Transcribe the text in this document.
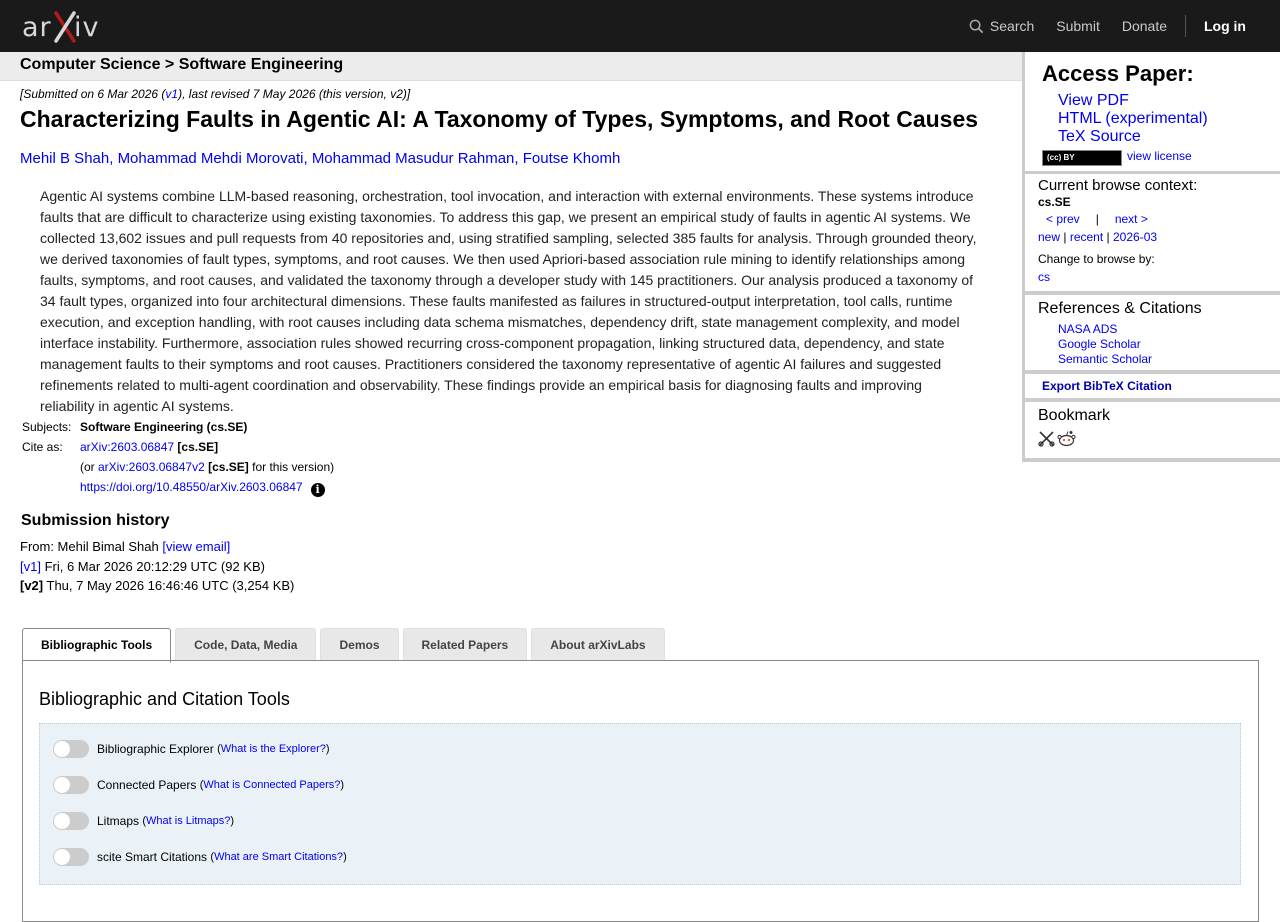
ar iv	Search Submit Donate	Log in
Computer Science > Software Engineering
[Submitted on 6 Mar 2026 (v1), last revised 7 May 2026 (this version, v2)]
Characterizing Faults in Agentic AI: A Taxonomy of Types, Symptoms, and Root Causes
Mehil B Shah, Mohammad Mehdi Morovati, Mohammad Masudur Rahman, Foutse Khomh

Agentic AI systems combine LLM-based reasoning, orchestration, tool invocation, and interaction with external environments. These systems introduce faults that are difficult to characterize using existing taxonomies. To address this gap, we present an empirical study of faults in agentic AI systems. We collected 13,602 issues and pull requests from 40 repositories and, using stratified sampling, selected 385 faults for analysis. Through grounded theory, we derived taxonomies of fault types, symptoms, and root causes. We then used Apriori-based association rule mining to identify relationships among faults, symptoms, and root causes, and validated the taxonomy through a developer study with 145 practitioners. Our analysis produced a taxonomy of 34 fault types, organized into four architectural dimensions. These faults manifested as failures in structured-output interpretation, tool calls, runtime execution, and exception handling, with root causes including data schema mismatches, dependency drift, state management complexity, and model interface instability. Furthermore, association rules showed recurring cross-component propagation, linking structured data, dependency, and state management faults to their symptoms and root causes. Practitioners considered the taxonomy representative of agentic AI failures and suggested refinements related to multi-agent coordination and observability. These findings provide an empirical basis for diagnosing faults and improving reliability in agentic AI systems.

Subjects: Software Engineering (cs.SE)
Cite as:	arXiv:2603.06847 [cs.SE]
(or arXiv:2603.06847v2 [cs.SE] for this version)
https://doi.org/10.48550/arXiv.2603.06847 i
Submission history
From: Mehil Bimal Shah [view email]
[v1] Fri, 6 Mar 2026 20:12:29 UTC (92 KB)
[v2] Thu, 7 May 2026 16:46:46 UTC (3,254 KB)
Bibliographic Tools	Code, Data, Media	Demos	Related Papers	About arXivLabs
Bibliographic and Citation Tools
Bibliographic Explorer
(What is the Explorer?)
Connected Papers
(What is Connected Papers?)
Litmaps
(What is Litmaps?)
scite Smart Citations
(What are Smart Citations?)
Access Paper:
View PDF
HTML (experimental)
TeX Source
(cc) BY	view license
Current browse context:
cs.SE
< prev | next >
new | recent | 2026-03
Change to browse by:
cs
References & Citations
NASA ADS
Google Scholar
Semantic Scholar
Export BibTeX Citation
Bookmark
